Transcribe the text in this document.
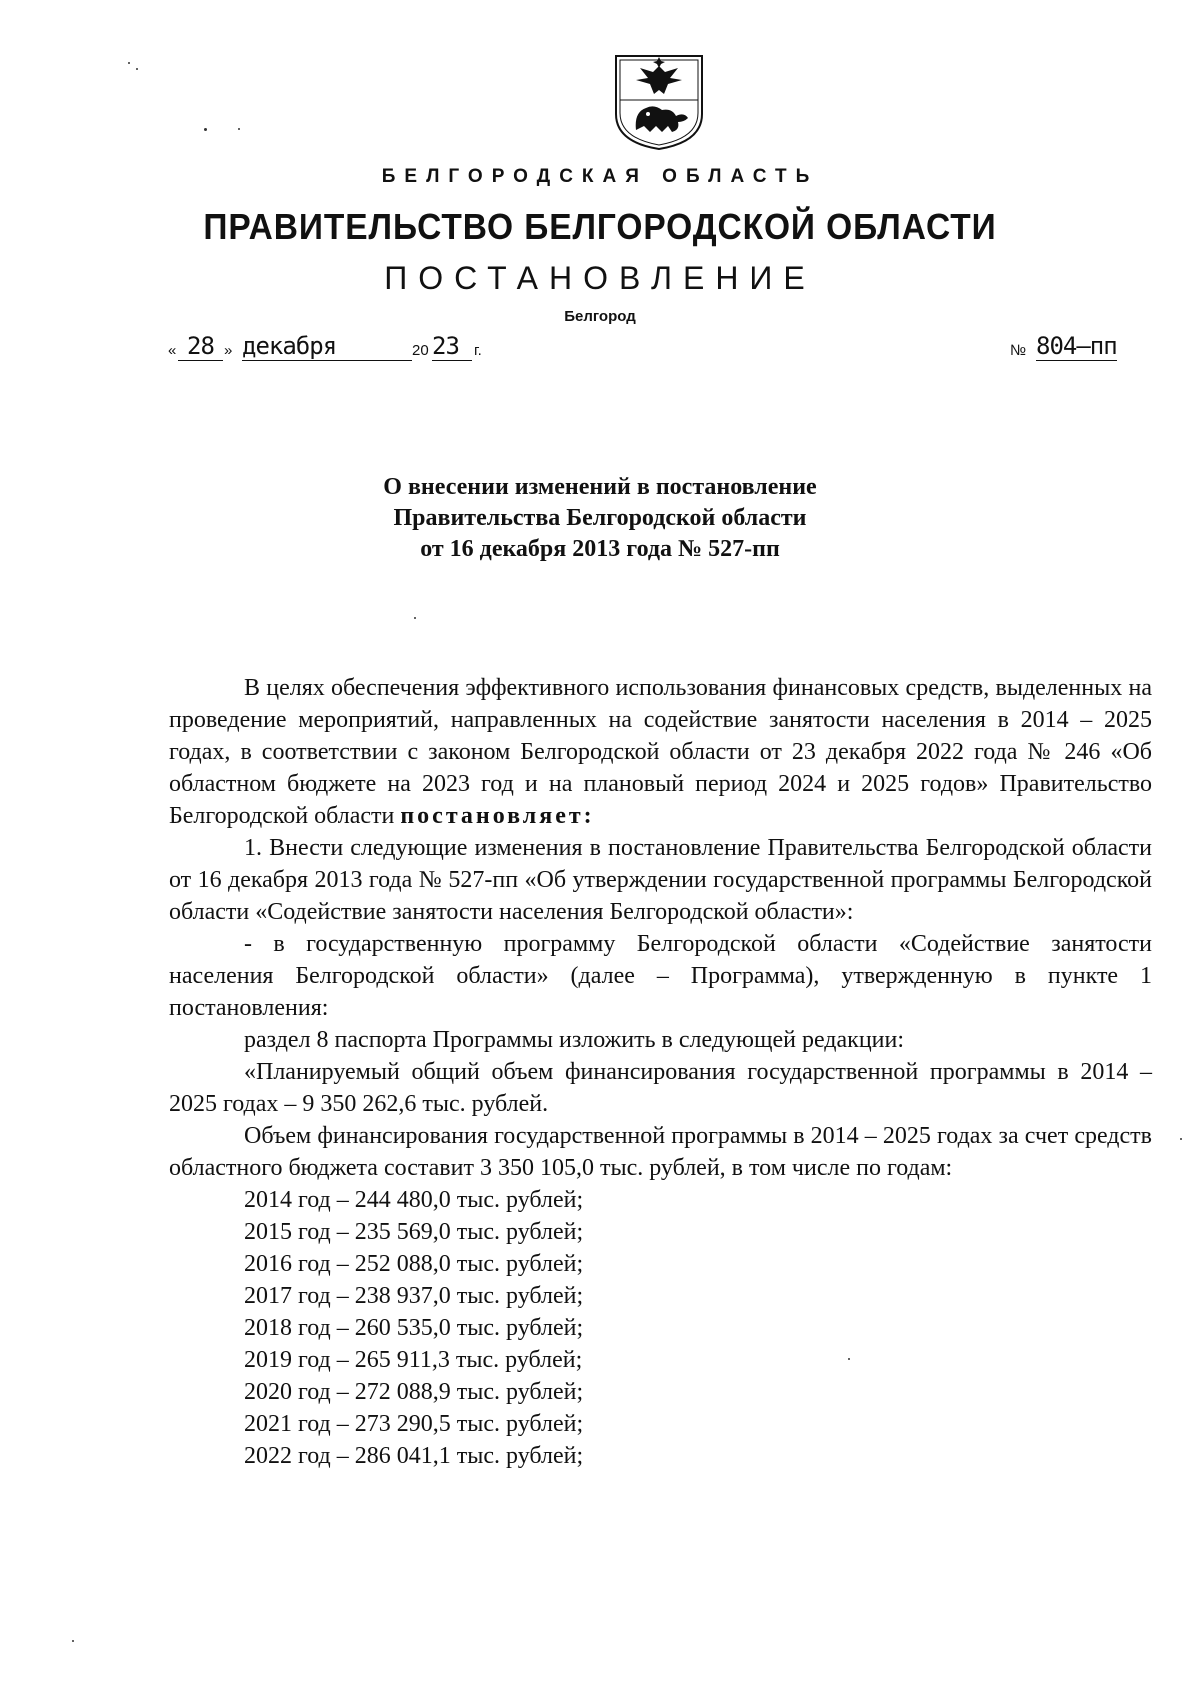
БЕЛГОРОДСКАЯ ОБЛАСТЬ
ПРАВИТЕЛЬСТВО БЕЛГОРОДСКОЙ ОБЛАСТИ
ПОСТАНОВЛЕНИЕ
Белгород
« 28 » декабря	20 23	г.	№ 804–пп
О внесении изменений в постановление
Правительства Белгородской области
от 16 декабря 2013 года № 527-пп

В целях обеспечения эффективного использования финансовых средств, выделенных на проведение мероприятий, направленных на содействие занятости населения в 2014 – 2025 годах, в соответствии с законом Белгородской области от 23 декабря 2022 года № 246 «Об областном бюджете на 2023 год и на плановый период 2024 и 2025 годов» Правительство Белгородской области постановляет:

1. Внести следующие изменения в постановление Правительства Белгородской области от 16 декабря 2013 года № 527-пп «Об утверждении государственной программы Белгородской области «Содействие занятости населения Белгородской области»:

- в государственную программу Белгородской области «Содействие занятости населения Белгородской области» (далее – Программа), утвержденную в пункте 1 постановления:

раздел 8 паспорта Программы изложить в следующей редакции:

«Планируемый общий объем финансирования государственной программы в 2014 – 2025 годах – 9 350 262,6 тыс. рублей.

Объем финансирования государственной программы в 2014 – 2025 годах за счет средств областного бюджета составит 3 350 105,0 тыс. рублей, в том числе по годам:

2014 год – 244 480,0 тыс. рублей;
2015 год – 235 569,0 тыс. рублей;
2016 год – 252 088,0 тыс. рублей;
2017 год – 238 937,0 тыс. рублей;
2018 год – 260 535,0 тыс. рублей;
2019 год – 265 911,3 тыс. рублей;
2020 год – 272 088,9 тыс. рублей;
2021 год – 273 290,5 тыс. рублей;
2022 год – 286 041,1 тыс. рублей;
